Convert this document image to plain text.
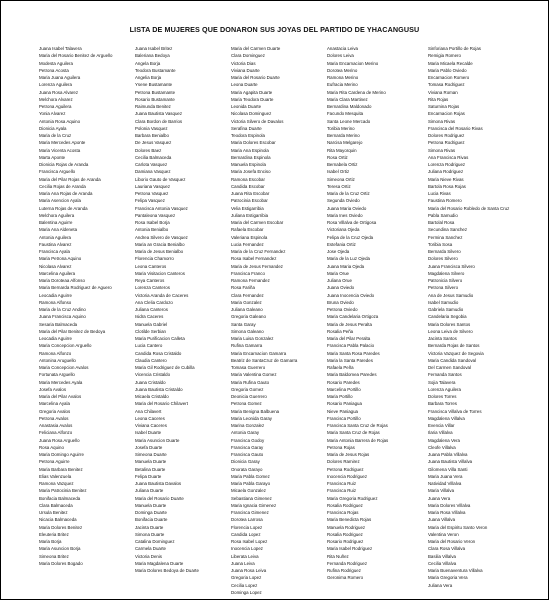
LISTA DE MUJERES QUE DONARON SUS JOYAS DEL PARTIDO DE YHACANGUSU
Juana Isabel Talavera
Maria del Rosario Benitez de Arguello
Modesta Aguilera
Petrona Acosta
Maria Juana Aguilera
Lorenza Aguilera
Juana Rosa Alvarez
Melchora Alvarez
Petrona Aguilera
Yonia Alvarez
Antonia Rosa Aquino
Dionicia Ayala
Maria de la Cruz
Maria Mercedes Aponte
Maria Vicenta Acosta
Marta Aponte
Dionicia Rojas de Aranda
Francisca Arguello
Maria del Pilar Rojas de Aranda
Cecilia Rojas de Aranda
Maria Ana Rojas de Aranda
Maria Asencion Ayala
Luterna Rojas de Aranda
Melchora Aguilera
Balentina Aguirre
Maria Ana Aldeneta
Antonia Aguilera
Faustina Alvarez
Francisca Ayala
Maria Petrona Aquino
Nicolasa Alvarez
Marcelina Aguilera
Maria Doroteaa Alfonso
Maria Bernarda Rodriguez de Aguero
Leocadia Aguirre
Ramona Alfonso
Maria de la Cruz Andino
Juana Francisca Aquino
Sesaria Balmaceda
Maria del Pilar Benitez de Bedoya
Leocadia Aguirre
Maria Concepcion Arguello
Ramona Alfonzo
Antonina Aruguello
Maria Concepcion Avalos
Fortunata Arguello
Maria Mercedes Ayala
Josefa Avalos
Maria del Pilar Avalos
Marcelina Ayala
Gregoria Avalos
Petrona Avalos
Anastasia Avalos
Feliciana Alfonzo
Juana Rosa Arguello
Rosa Aquino
Maria Domingo Aguirre
Petrona Aguirre
Maria Barbara Benitez
Elias Valenzuela
Ramona Vazquez
Maria Patrocinia Benitez
Bonifacia Balmaceda
Clara Balmaceda
Ursula Benitez
Nicacia Balmaceda
Maria Dolores Benitez
Eleuteria Britez
Maria Borja
Maria Asuncion Borja
Simeona Britez
Maria Dolores Bogado
Juana Isabel Britez
Baleriana Bedoya
Angela Borja
Teodora Bustamante
Angelia Borja
Ysene Bustamante
Petrona Bustamante
Rosario Bustamante
Raimunda Benitez
Juana Bautista Vasquez
Clara Bordon de Barrios
Polonia Vasquez
Barbara Benialbo
De Jesus Vasquez
Dolores Baez
Cecilia Balmaceda
Carlota Vasquez
Damiana Vasquez
Liborio Gauto de Vasquez
Lauriana Vasquez
Petrona Vasquez
Felipa Vasquez
Francisca Antonia Vasquez
Pantaleona Vasquez
Rosa Isabel Borja
Antonia Benialbo
Andrea Silvero de Vasquez
Maria an Gracia Benialbo
Maria de Jesus Benialbo
Florencia Chamorro
Leona Canteros
Maria Visitacion Canteros
Reya Canteros
Lorenza Canteros
Victoria Aranda de Caceres
Ana Clelia Cardozo
Juliana Canteros
Isidra Caceres
Manuela Gabriel
Clotilde Serbian
Maria Purificacion Calleta
Lucia Cantero
Candida Rosa Cristaldo
Claudia Cantero
Maria Gil Rodriguez de Cubilla
Vicencia Cristaldo
Juana Cristaldo
Juana Bautista Cristaldo
Micaela Cristaldo
Maria del Rosario Chilavert
Ana Chilavert
Leona Caceres
Viviana Caceres
Isabel Duarte
Maria Asuncion Duarte
Josefa Duarte
Simeona Duarte
Manuela Duarte
Betalina Duarte
Felipa Duarte
Juana Bautista Davalos
Juliana Duarte
Maria del Rosario Duarte
Manuela Duarte
Dominga Duarte
Bonifacia Duarte
Jacinta Duarte
Simona Duarte
Catalina Dominguez
Carmela Duarte
Victoria Denis
Maria Magdalena Duarte
Maria Dolores Bedoya de Duarte
Maria del Carmen Duarte
Clara Dominguez
Victoria Dias
Viviana Duarte
Maria del Rosario Duarte
Leona Duarte
Maria Agapita Duarte
Maria Teodora Duarte
Leonida Duarte
Nicolasa Dominguez
Victoria Silvero de Davalos
Serafina Duarte
Teodora Espinola
Maria Dolores Escobar
Maria Ana Espinola
Bernardina Espinola
Manuela Espinola
Maria Josefa Enciso
Ramona Escobar
Candida Escobar
Juana Rita Escobar
Patrocinia Escobar
Velia Estigarribia
Juliana Estigarribia
Maria del Carmen Escobar
Rafaela Escobar
Valeriana Espinola
Lucia Fernandez
Maria de la Cruz Fernandez
Rosa Isabel Fernandez
Maria de Jesus Fernandez
Francisca Franco
Ramona Fernandez
Rosa Fariña
Clara Fernandez
Maria Gonzalez
Juliana Galeano
Gregoria Galeano
Santa Garay
Simona Galeano
Maria Luisa Gonzalez
Rufina Gamarra
Maria Encarnacion Gamarra
Beatriz de SantaCruz de Gamarra
Tomasa Guerrero
Maria Valentina Gomez
Maria Rufina Gauto
Gregoria Gomez
Deonicia Guerrero
Petrona Gomez
Maria Benigna Balbuena
Maria Leonida Garay
Marina Gonzalez
Antonia Garay
Francisca Godoy
Francisca Garay
Francisca Gauto
Dionicia Garay
Onorata Garayo
Maria Pabla Gomez
Maria Pabla Garayo
Micaela Gonzalez
Sebastiana Gimenez
Maria Ignacia Gimenez
Francisca Gimenez
Dorotea Larrosa
Florencia Lopez
Candida Lopez
Rosa Isabel Lopez
Inocencia Lopez
Liberata Leiva
Juana Leiva
Juana Rosa Leiva
Gregoria Lopez
Cecilia Lopez
Dominga Lopez
Anastacia Leiva
Dolores Leiva
Maria Encarnacion Merino
Dorotea Merino
Ramona Merino
Eufracia Merino
Maria Rita Cardena de Merino
Maria Clara Martinez
Bernardina Maldonado
Facundo Mesquita
Santa Leone Mercado
Toribia Merino
Bernarda Merino
Narcisa Melgarejo
Rita Mayorquin
Rosa Ortiz
Bernabela Ortiz
Isabel Ortiz
Simeona Ortiz
Teresa Ortiz
Maria de la Cruz Ortiz
Segunda Oviedo
Juana Maria Oviedo
Maria Ines Oviedo
Rosa Villalva de Ortigosa
Victoriana Ojeda
Felipa de la Cruz Ojeda
Estefania Ortiz
Jose Ojeda
Maria de la Luz Ojeda
Juana Maria Ojeda
Maria Orue
Juliana Orue
Juana Oviedo
Juana Inocencia Oviedo
Bruna Oviedo
Petrona Oviedo
Maria Candelaria Ortigoza
Maria de Jesus Peralta
Rosalia Peña
Maria del Pilar Peralta
Francisca Pabla Palacio
Maria Santa Rosa Paredes
Maria la Santa Paredes
Rafaela Peña
Maria Baldomea Paredes
Rosario Paredes
Marcelina Portillo
Maria Portillo
Rosario Paniagua
Nieve Paniagua
Francisca Portillo
Francisca Santa Cruz de Rojas
Maria Santa Cruz de Rojas
Maria Antonia Barrera de Rojas
Petrona Rojas
Maria de Jesus Rojas
Dolores Ramirez
Petrona Rodriguez
Inocencia Rodriguez
Francisca Ruiz
Francisca Ruiz
Maria Gregoria Rodriguez
Rosalia Rodriguez
Francisca Rojas
Maria Benedicta Rojas
Manuela Rodriguez
Rosalia Rodriguez
Rosario Rodriguez
Maria Isabel Rodriguez
Rita Nuñez
Fernanda Rodriguez
Rufina Rodriguez
Geronima Romero
Sinforiana Portillo de Rojas
Remigia Romero
Maria Micaela Recalde
Maria Pablo Oviedo
Encarnacion Romero
Tomasa Rodriguez
Viviana Roman
Rita Rojas
Saturnina Rojas
Encarnacion Rojas
Simona Rivas
Francisca del Rosario Rivas
Dolores Rodriguez
Petrona Rodriguez
Simona Rivas
Ana Francisca Rivas
Lorenza Rodriguez
Juliana Rodriguez
Maria Nieve Rivas
Bartola Rosa Rojas
Lucia Rivas
Faustina Romero
Maria del Rosario Robledo de Santa Cruz
Pabla Samudio
Bartolal Rosa
Secundina Sanchez
Fermina Sanchez
Toribia Sosa
Bernarda Silvero
Dolores Silvero
Juana Francisca Silvero
Magdalena Silvero
Patronicia Silvero
Petrona Silvero
Ana de Jesus Samudio
Isabel Samudio
Gabriela Samudio
Candelaria Segobia
Maria Dolores Santos
Leona Leiva de Silvero
Jacinta Santos
Bernarda Rojas de Santos
Victoria Vazquez de Segovia
Maria Candida Sandoval
Del Carmen Sandoval
Fernanda Santos
Sojia Talavera
Lorenza Aguilera
Dolores Torres
Barbara Torres
Francisca Villalva de Torres
Magdalena Villalva
Evencia Villar
Ilaria Villalva
Magdalena Vera
Cleofe Villalva
Juana Pabla Villalva
Juana Bautista Villalva
Gilomena Villa Santi
Maria Juana Vera
Natividad Villalva
Maria Villalva
Juana Vera
Maria Dolores Villalva
Maria Rosa Villalva
Juana Villalva
Maria del Espiritu Santo Veron
Valentina Veron
Maria del Rosario Veron
Clara Rosa Villalva
Basilia Villalva
Cecilia Villalva
Maria Buenaventura Villalva
Maria Gregoria Vera
Juliana Vera
